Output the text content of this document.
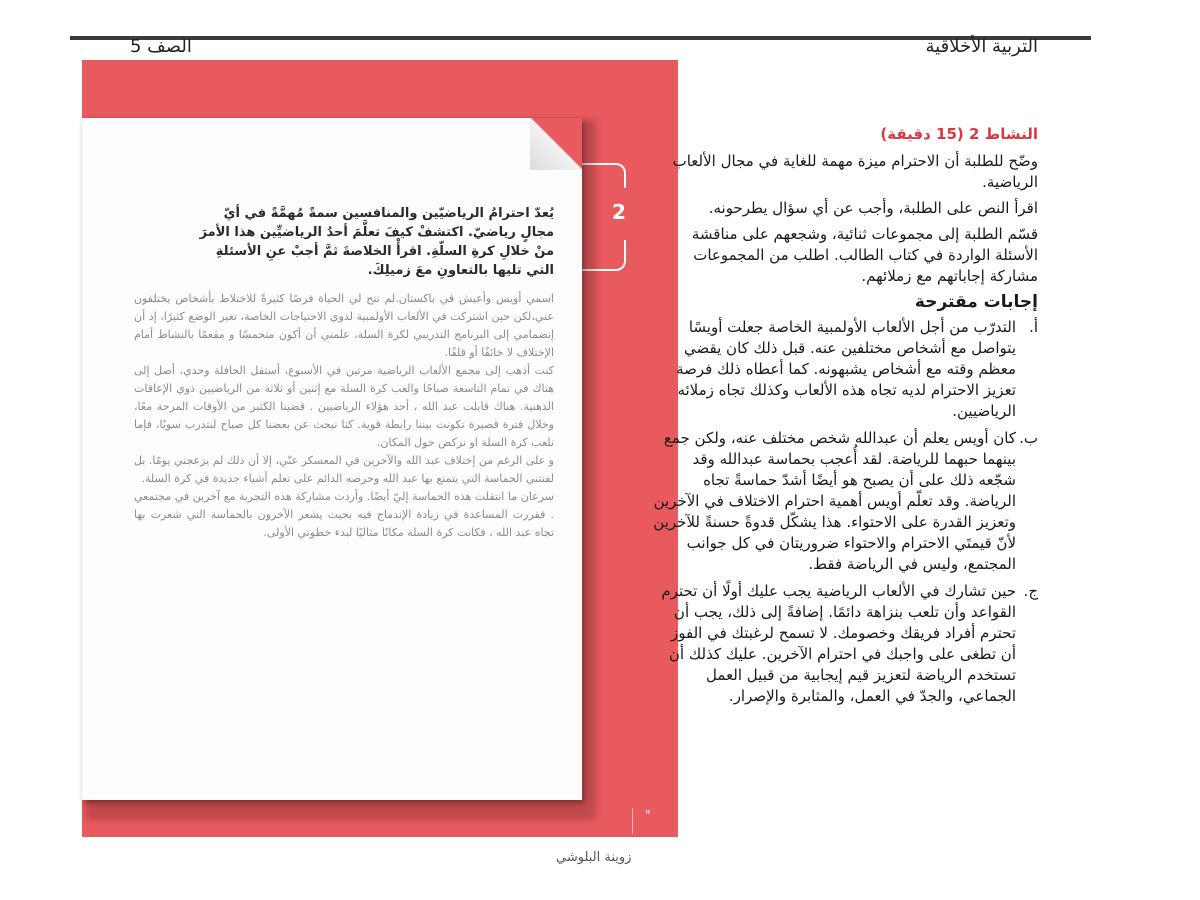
التربية الأخلاقية
الصف 5
2
يُعدّ احترامُ الرياضيّين والمنافسين سمةً مُهمَّةً في أيّ مجالٍ رياضيّ. اكتشفْ كيفَ تعلَّمَ أحدُ الرياضيِّين هذا الأمرَ منْ خلالِ كرةِ السلّةِ. اقرأْ الخلاصةَ ثمَّ أجبْ عنِ الأسئلةِ التي تليها بالتعاونِ معَ زميلِكَ.

اسمي أويس وأعيش في باكستان.لم تتح لي الحياة فرصًا كثيرةً للاختلاط بأشخاص يختلفون عني،لكن حين اشتركت في الألعاب الأولمبية لذوي الاحتياجات الخاصة، تغير الوضع كثيرًا، إذ أن إنضمامي إلى البرنامج التدريبي لكرة السلة، علمني أن أكون متحمسًا و مقعمًا بالنشاط أمام الإختلاف لا خائفًا أو قلقًا.

كنت أذهب إلى مجمع الألعاب الرياضية مرتين في الأسبوع، أستقل الحافلة وحدي، أصل إلى هناك في تمام التاسعة صباحًا والعب كرة السلة مع إثنين أو ثلاثة من الرياضيين ذوي الإعاقات الذهنية. هناك قابلت عبد الله ، أحد هؤلاء الرياضيين . قضينا الكثير من الأوقات المرحة معًا، وخلال فترة قصيرة تكونت بيننا رابطة قوية. كنا نبحث عن بعضنا كل صباح لنتدرب سويًا، فإما نلعب كرة السلة او نركض حول المكان.

و على الرغم من إختلاف عبد الله والآخرين في المعسكر عنّي، إلا أن ذلك لم يزعجني يومًا. بل لفتتني الحماسة التي يتمتع بها عبد الله وحرصه الدائم على تعلم أشياء جديدة في كرة السلة.

سرعان ما انتقلت هذه الحماسة إليّ أيضًا. وأردت مشاركة هذه التجربة مع آخرين في مجتمعي . فقررت المساعدة في زيادة الإندماج فيه بحيث يشعر الآخرون بالحماسة التي شعرت بها تجاه عبد الله ، فكانت كرة السلة مكانًا مثاليًا لبدء خطوتي الأولى.

"
زوينة البلوشي
النشاط 2 (15 دقيقة)

وضّح للطلبة أن الاحترام ميزة مهمة للغاية في مجال الألعاب الرياضية.

اقرأ النص على الطلبة، وأجب عن أي سؤال يطرحونه.

قسّم الطلبة إلى مجموعات ثنائية، وشجعهم على مناقشة الأسئلة الواردة في كتاب الطالب. اطلب من المجموعات مشاركة إجاباتهم مع زملائهم.

إجابات مقترحة
أ.
التدرّب من أجل الألعاب الأولمبية الخاصة جعلت أويسًا يتواصل مع أشخاص مختلفين عنه. قبل ذلك كان يقضي معظم وقته مع أشخاص يشبهونه. كما أعطاه ذلك فرصة تعزيز الاحترام لديه تجاه هذه الألعاب وكذلك تجاه زملائه الرياضيين.
ب.
كان أويس يعلم أن عبدالله شخص مختلف عنه، ولكن جمع بينهما حبهما للرياضة. لقد أُعجب بحماسة عبدالله وقد شجّعه ذلك على أن يصبح هو أيضًا أشدّ حماسةً تجاه الرياضة. وقد تعلّم أويس أهمية احترام الاختلاف في الآخرين وتعزيز القدرة على الاحتواء. هذا يشكّل قدوةً حسنةً للآخرين لأنّ قيمتَي الاحترام والاحتواء ضروريتان في كل جوانب المجتمع، وليس في الرياضة فقط.
ج.
حين تشارك في الألعاب الرياضية يجب عليك أولًا أن تحترم القواعد وأن تلعب بنزاهة دائمًا. إضافةً إلى ذلك، يجب أن تحترم أفراد فريقك وخصومك. لا تسمح لرغبتك في الفوز أن تطغى على واجبك في احترام الآخرين. عليك كذلك أن تستخدم الرياضة لتعزيز قيم إيجابية من قبيل العمل الجماعي، والجدّ في العمل، والمثابرة والإصرار.
